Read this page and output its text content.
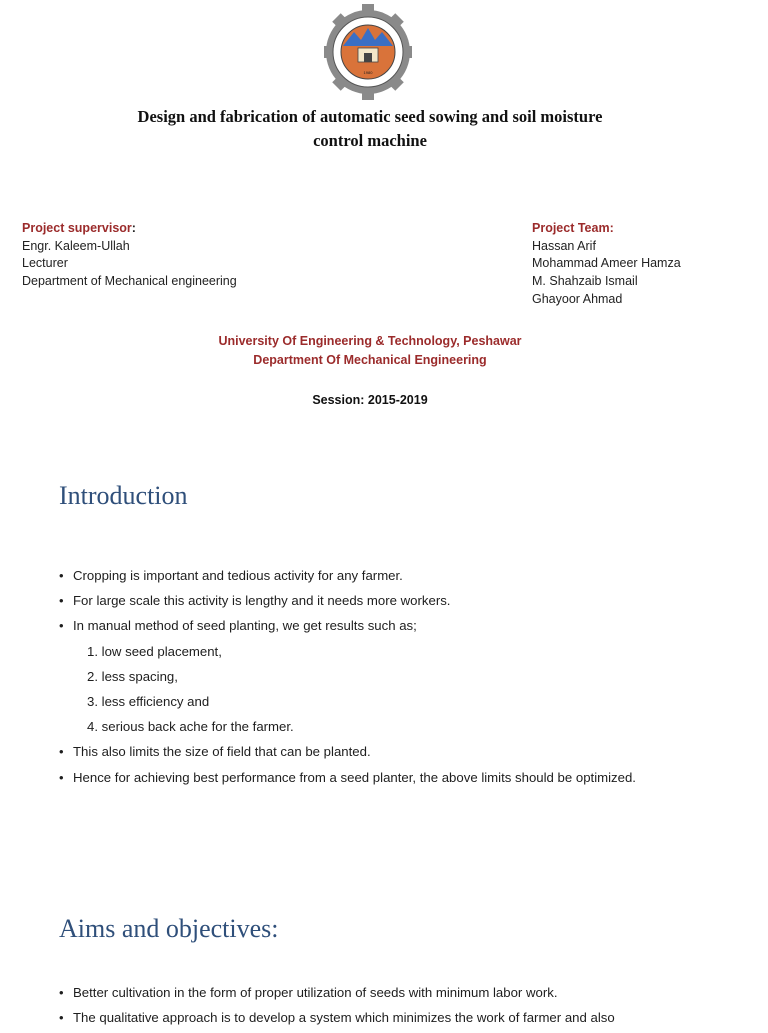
1980
Design and fabrication of automatic seed sowing and soil moisture
control machine
Project supervisor:
Engr. Kaleem-Ullah
Lecturer
Department of Mechanical engineering
Project Team:
Hassan Arif
Mohammad Ameer Hamza
M. Shahzaib Ismail
Ghayoor Ahmad
University Of Engineering & Technology, Peshawar
Department Of Mechanical Engineering
Session: 2015-2019
Introduction
• Cropping is important and tedious activity for any farmer.
• For large scale this activity is lengthy and it needs more workers.
• In manual method of seed planting, we get results such as;
1. low seed placement,
2. less spacing,
3. less efficiency and
4. serious back ache for the farmer.
• This also limits the size of field that can be planted.
• Hence for achieving best performance from a seed planter, the above limits should be optimized.
Aims and objectives:
• Better cultivation in the form of proper utilization of seeds with minimum labor work.
• The qualitative approach is to develop a system which minimizes the work of farmer and also
